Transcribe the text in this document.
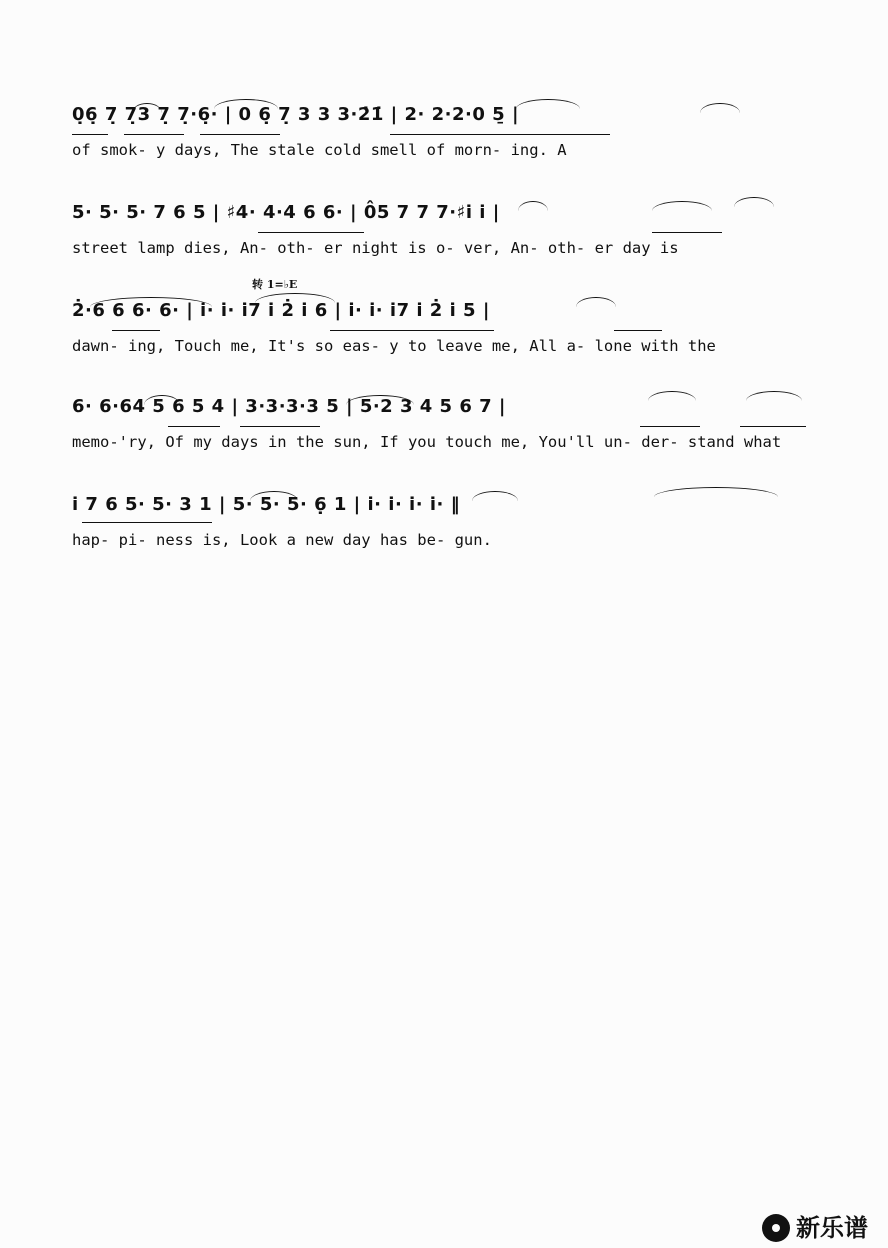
0̣6̣ 7̣ 7̣3 7̣ 7̣·6̣· | 0 6̣ 7̣ 3 3 3·2̇1̇ | 2· 2·2·0 5̱ |
of smok- y days, The stale cold smell of morn- ing. A
5· 5· 5· 7 6 5 | ♯4· 4·4 6 6· | 0̂5 7 7 7·♯i̇ i̇ |
street lamp dies, An- oth- er night is o- ver, An- oth- er day is
转 1=♭E
2̇·6 6 6· 6· | i̇· i̇· i̇7 i̇ 2̇ i̇ 6 | i̇· i̇· i̇7 i̇ 2̇ i̇ 5 |
dawn- ing, Touch me, It's so eas- y to leave me, All a- lone with the
6· 6·64 5 6 5 4 | 3·3·3·3 5 | 5·2 3 4 5 6 7 |
memo-'ry, Of my days in the sun, If you touch me, You'll un- der- stand what
i̇ 7 6 5· 5· 3 1 | 5· 5· 5· 6̣ 1 | i̇· i̇· i̇· i̇· ‖
hap- pi- ness is, Look a new day has be- gun.
新乐谱
